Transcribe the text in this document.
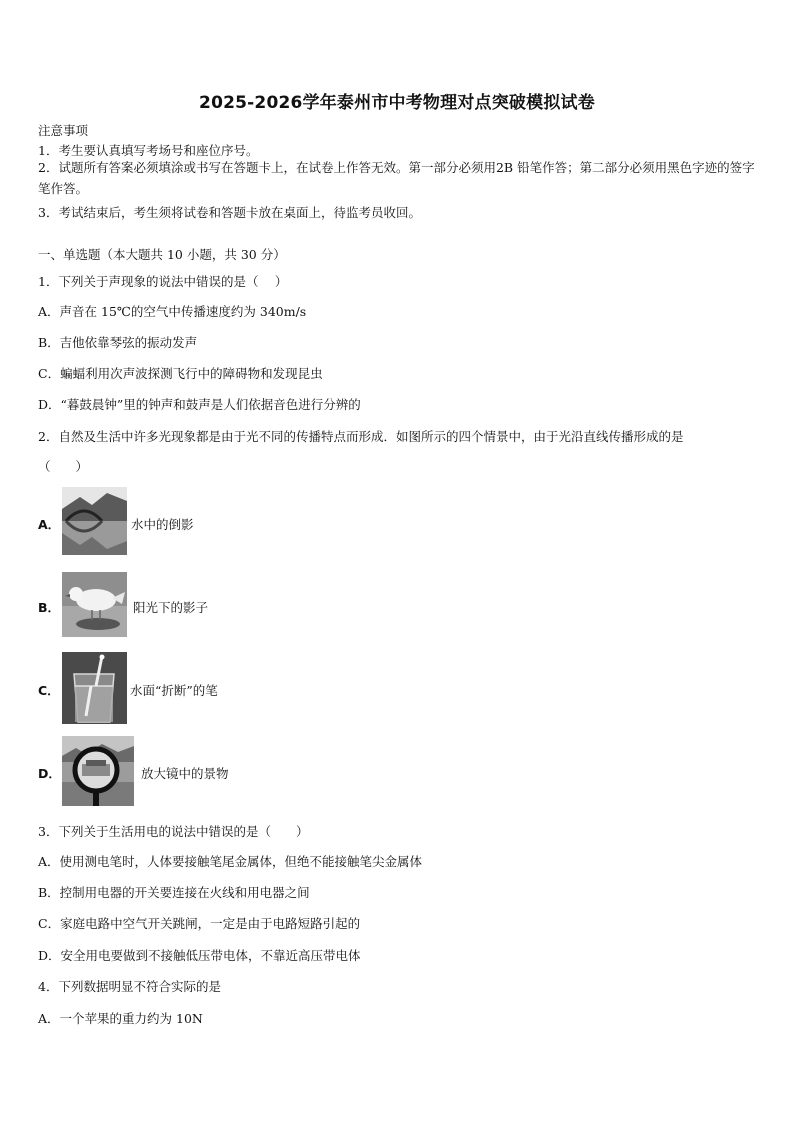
2025-2026学年泰州市中考物理对点突破模拟试卷
注意事项
1．考生要认真填写考场号和座位序号。
2．试题所有答案必须填涂或书写在答题卡上，在试卷上作答无效。第一部分必须用2B 铅笔作答；第二部分必须用黑色字迹的签字笔作答。
3．考试结束后，考生须将试卷和答题卡放在桌面上，待监考员收回。
一、单选题（本大题共 10 小题，共 30 分）
1．下列关于声现象的说法中错误的是（　 ）
A．声音在 15℃的空气中传播速度约为 340m/s
B．吉他依靠琴弦的振动发声
C．蝙蝠利用次声波探测飞行中的障碍物和发现昆虫
D．“暮鼓晨钟”里的钟声和鼓声是人们依据音色进行分辨的
2．自然及生活中许多光现象都是由于光不同的传播特点而形成．如图所示的四个情景中，由于光沿直线传播形成的是
（　　）
A．	水中的倒影
B．	阳光下的影子
C．	水面“折断”的笔
D．	放大镜中的景物
3．下列关于生活用电的说法中错误的是（　　）
A．使用测电笔时，人体要接触笔尾金属体，但绝不能接触笔尖金属体
B．控制用电器的开关要连接在火线和用电器之间
C．家庭电路中空气开关跳闸，一定是由于电路短路引起的
D．安全用电要做到不接触低压带电体，不靠近高压带电体
4．下列数据明显不符合实际的是
A．一个苹果的重力约为 10N
